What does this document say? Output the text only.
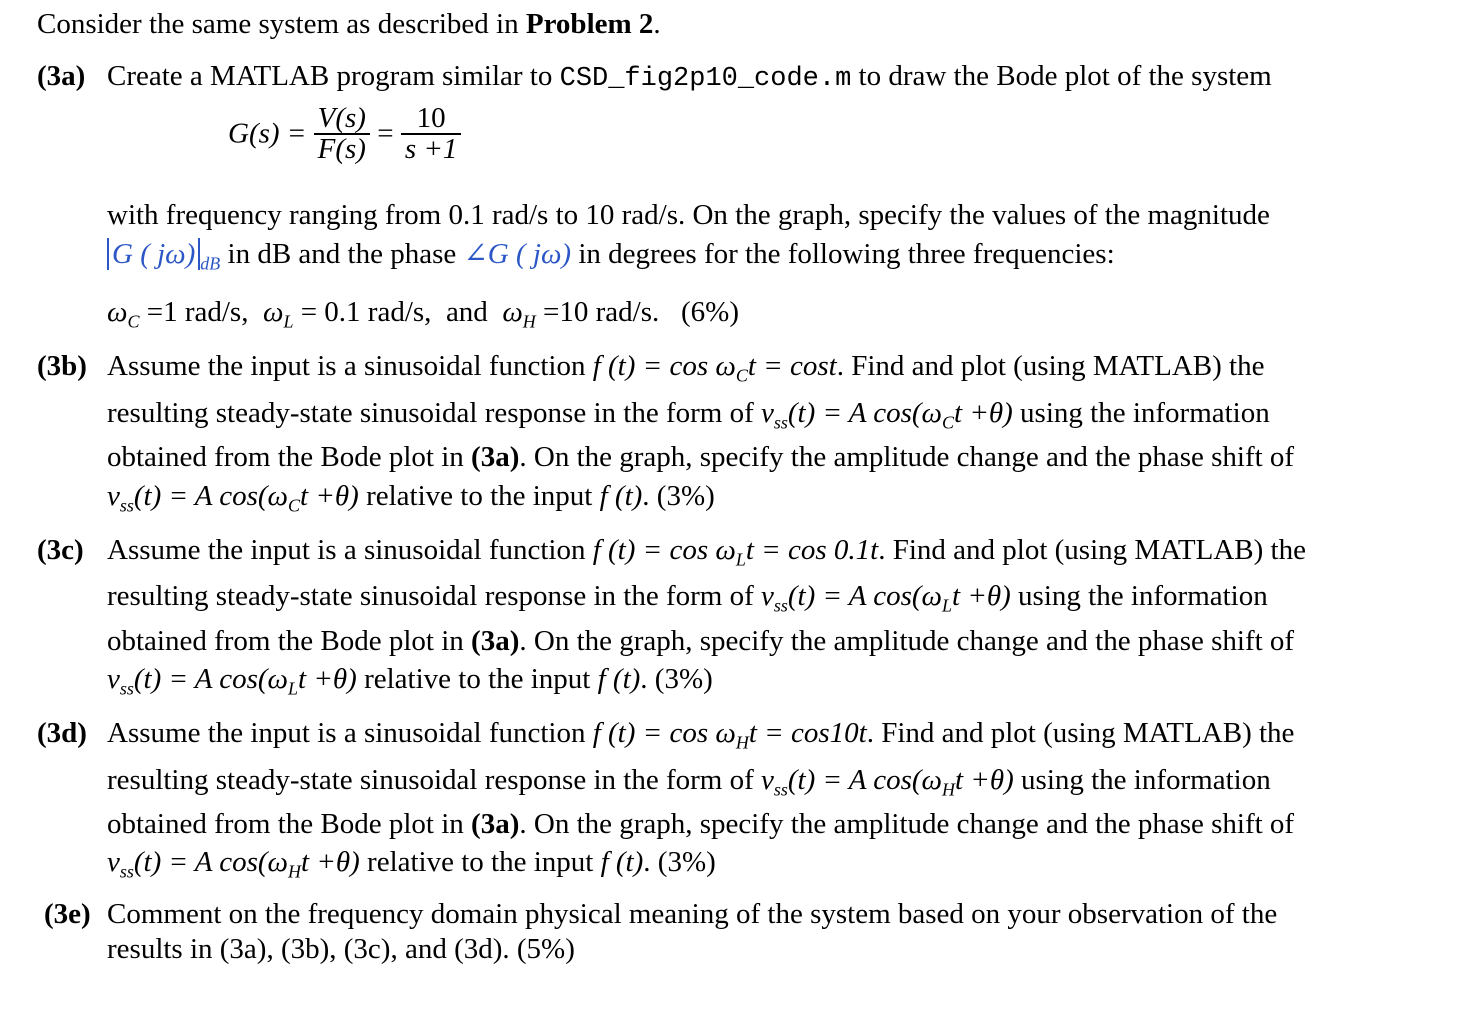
Consider the same system as described in Problem 2.
(3a) Create a MATLAB program similar to CSD_fig2p10_code.m to draw the Bode plot of the system
$G(s) = \frac{V(s)}{F(s)} = \frac{10}{s +1}$
with frequency ranging from 0.1 rad/s to 10 rad/s. On the graph, specify the values of the magnitude
G ( jω) $_{dB}$ in dB and the phase ∠G ( jω) in degrees for the following three frequencies:
$\omega_C =1$ rad/s, $\omega_L = 0.1$ rad/s, and $\omega_H =10$ rad/s. (6%)
(3b) Assume the input is a sinusoidal function f $(t) = \cos \omega_Ct = \cos t$. Find and plot (using MATLAB) the
resulting steady-state sinusoidal response in the form of $v_{ss}(t) = A$ $\cos(\omega_Ct +\theta)$ using the information
obtained from the Bode plot in (3a). On the graph, specify the amplitude change and the phase shift of
$v_{ss}(t) = A$ $\cos(\omega_Ct +\theta)$ relative to the input f (t). (3%)
(3c) Assume the input is a sinusoidal function f $(t) = \cos \omega_Lt = \cos 0.1t$. Find and plot (using MATLAB) the
resulting steady-state sinusoidal response in the form of $v_{ss}(t) = A$ $\cos(\omega_Lt +\theta)$ using the information
obtained from the Bode plot in (3a). On the graph, specify the amplitude change and the phase shift of
$v_{ss}(t) = A$ $\cos(\omega_Lt +\theta)$ relative to the input f (t). (3%)
(3d) Assume the input is a sinusoidal function f $(t) = \cos \omega_Ht = \cos 10t$. Find and plot (using MATLAB) the
resulting steady-state sinusoidal response in the form of $v_{ss}(t) = A$ $\cos(\omega_Ht +\theta)$ using the information
obtained from the Bode plot in (3a). On the graph, specify the amplitude change and the phase shift of
$v_{ss}(t) = A$ $\cos(\omega_Ht +\theta)$ relative to the input f (t). (3%)
(3e) Comment on the frequency domain physical meaning of the system based on your observation of the
results in (3a), (3b), (3c), and (3d). (5%)
